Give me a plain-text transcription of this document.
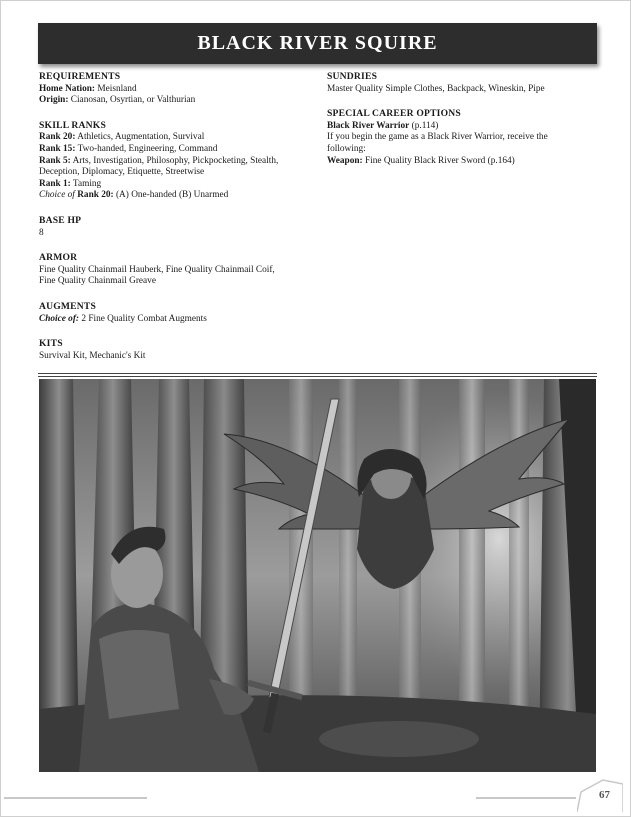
BLACK RIVER SQUIRE
REQUIREMENTS

Home Nation: Meisnland

Origin: Cianosan, Osyrtian, or Valthurian

SKILL RANKS

Rank 20: Athletics, Augmentation, Survival

Rank 15: Two-handed, Engineering, Command

Rank 5: Arts, Investigation, Philosophy, Pickpocketing, Stealth,

Deception, Diplomacy, Etiquette, Streetwise

Rank 1: Taming

Choice of Rank 20: (A) One-handed (B) Unarmed

BASE HP

8

ARMOR

Fine Quality Chainmail Hauberk, Fine Quality Chainmail Coif,

Fine Quality Chainmail Greave

AUGMENTS

Choice of: 2 Fine Quality Combat Augments

KITS

Survival Kit, Mechanic's Kit

SUNDRIES

Master Quality Simple Clothes, Backpack, Wineskin, Pipe

SPECIAL CAREER OPTIONS

Black River Warrior (p.114)

If you begin the game as a Black River Warrior, receive the

following:

Weapon: Fine Quality Black River Sword (p.164)

67
